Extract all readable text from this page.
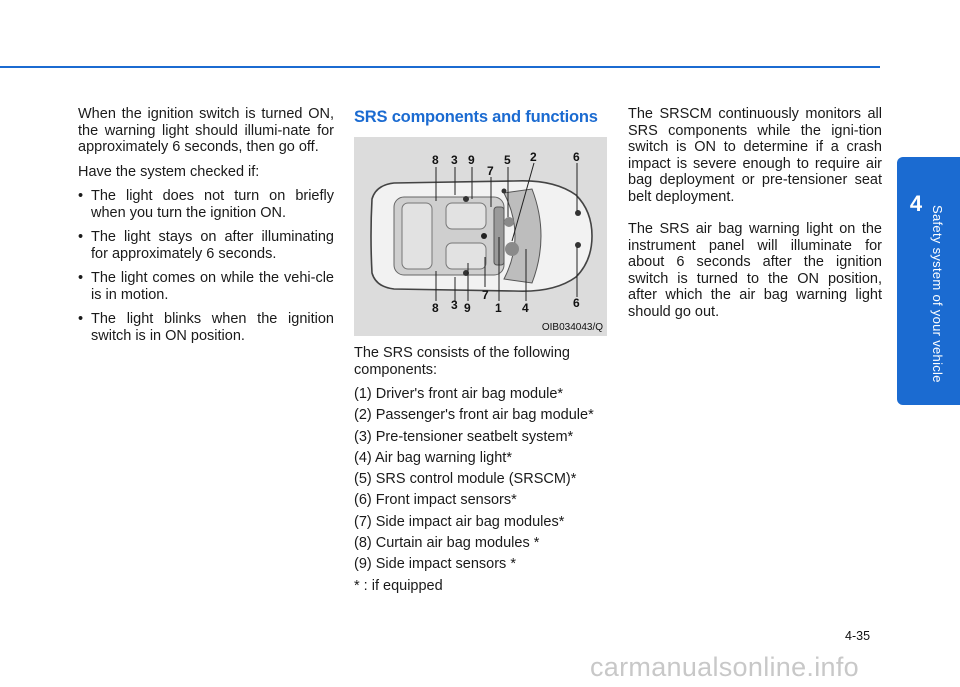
4
Safety system of your vehicle

When the ignition switch is turned ON, the warning light should illumi-nate for approximately 6 seconds, then go off.

Have the system checked if:

• The light does not turn on briefly when you turn the ignition ON.
• The light stays on after illuminating for approximately 6 seconds.
• The light comes on while the vehi-cle is in motion.
• The light blinks when the ignition switch is in ON position.
SRS components and functions
8 3 9
7
5 2	6
8 3 9
7
1 4	6
OIB034043/Q

The SRS consists of the following components:

(1) Driver's front air bag module*
(2) Passenger's front air bag module*
(3) Pre-tensioner seatbelt system*
(4) Air bag warning light*
(5) SRS control module (SRSCM)*
(6) Front impact sensors*
(7) Side impact air bag modules*
(8) Curtain air bag modules *
(9) Side impact sensors *
* : if equipped

The SRSCM continuously monitors all SRS components while the igni-tion switch is ON to determine if a crash impact is severe enough to require air bag deployment or pre-tensioner seat belt deployment.

The SRS air bag warning light on the instrument panel will illuminate for about 6 seconds after the ignition switch is turned to the ON position, after which the air bag warning light should go out.

4-35
carmanualsonline.info
